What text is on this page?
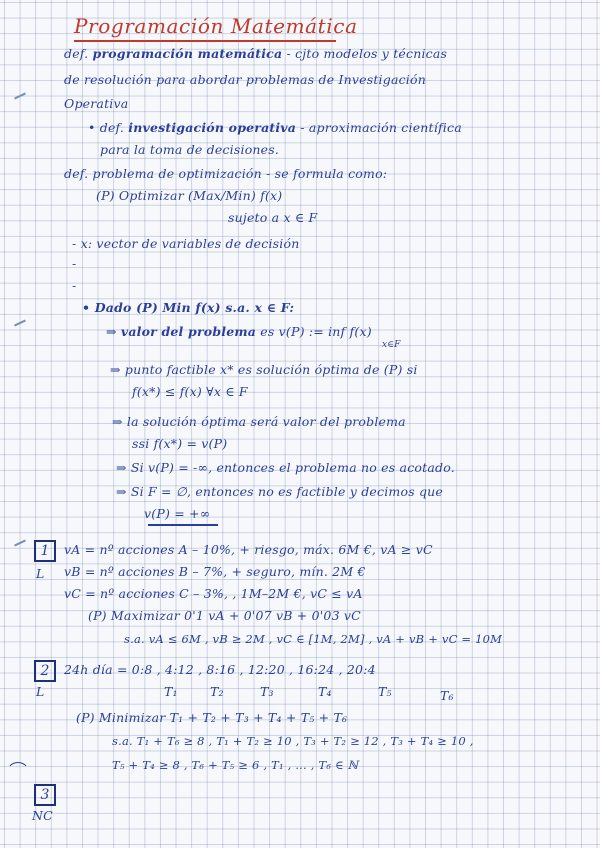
Programación Matemática
def. programación matemática - cjto modelos y técnicas
de resolución para abordar problemas de Investigación
Operativa
• def. investigación operativa - aproximación científica
para la toma de decisiones.
def. problema de optimización - se formula como:
(P) Optimizar (Max/Min) f(x)
sujeto a x ∈ F
- x: vector de variables de decisión
-
-
• Dado (P) Min f(x) s.a. x ∈ F:
⇒ valor del problema es v(P) := inf f(x)
x∈F
⇒ punto factible x* es solución óptima de (P) si
f(x*) ≤ f(x) ∀x ∈ F
⇒ la solución óptima será valor del problema
ssi f(x*) = v(P)
⇒ Si v(P) = -∞, entonces el problema no es acotado.
⇒ Si F = ∅, entonces no es factible y decimos que
v(P) = +∞
1
L
vA = nº acciones A – 10%, + riesgo, máx. 6M €, vA ≥ vC
vB = nº acciones B – 7%, + seguro, mín. 2M €
vC = nº acciones C – 3%, , 1M–2M €, vC ≤ vA
(P) Maximizar 0'1 vA + 0'07 vB + 0'03 vC
s.a. vA ≤ 6M , vB ≥ 2M , vC ∈ [1M, 2M] , vA + vB + vC = 10M
2
L
24h día = 0:8 , 4:12 , 8:16 , 12:20 , 16:24 , 20:4
T₁	T₂	T₃	T₄	T₅	T₆
(P) Minimizar T₁ + T₂ + T₃ + T₄ + T₅ + T₆
s.a. T₁ + T₆ ≥ 8 , T₁ + T₂ ≥ 10 , T₃ + T₂ ≥ 12 , T₃ + T₄ ≥ 10 ,
T₅ + T₄ ≥ 8 , T₆ + T₅ ≥ 6 , T₁ , ... , T₆ ∈ ℕ
3
NC
